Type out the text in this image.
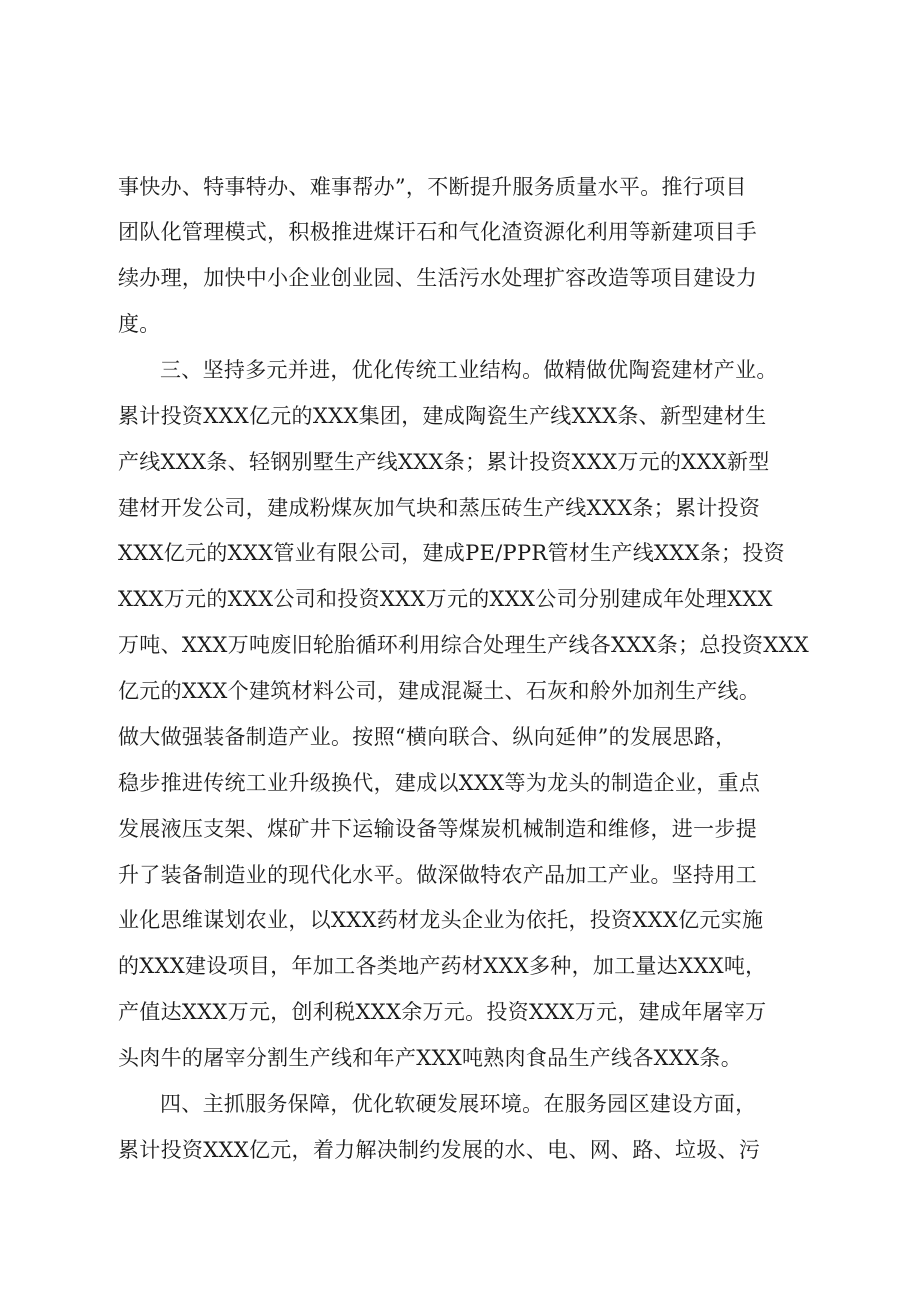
事快办、特事特办、难事帮办”，不断提升服务质量水平。推行项目
团队化管理模式，积极推进煤讦石和气化渣资源化利用等新建项目手
续办理，加快中小企业创业园、生活污水处理扩容改造等项目建设力
度。
三、坚持多元并进，优化传统工业结构。做精做优陶瓷建材产业。
累计投资XXX亿元的XXX集团，建成陶瓷生产线XXX条、新型建材生
产线XXX条、轻钢别墅生产线XXX条；累计投资XXX万元的XXX新型
建材开发公司，建成粉煤灰加气块和蒸压砖生产线XXX条；累计投资
XXX亿元的XXX管业有限公司，建成PE/PPR管材生产线XXX条；投资
XXX万元的XXX公司和投资XXX万元的XXX公司分别建成年处理XXX
万吨、XXX万吨废旧轮胎循环利用综合处理生产线各XXX条；总投资XXX
亿元的XXX个建筑材料公司，建成混凝土、石灰和舲外加剂生产线。
做大做强装备制造产业。按照“横向联合、纵向延伸”的发展思路，
稳步推进传统工业升级换代，建成以XXX等为龙头的制造企业，重点
发展液压支架、煤矿井下运输设备等煤炭机械制造和维修，进一步提
升了装备制造业的现代化水平。做深做特农产品加工产业。坚持用工
业化思维谋划农业，以XXX药材龙头企业为依托，投资XXX亿元实施
的XXX建设项目，年加工各类地产药材XXX多种，加工量达XXX吨，
产值达XXX万元，创利税XXX余万元。投资XXX万元，建成年屠宰万
头肉牛的屠宰分割生产线和年产XXX吨熟肉食品生产线各XXX条。
四、主抓服务保障，优化软硬发展环境。在服务园区建设方面，
累计投资XXX亿元，着力解决制约发展的水、电、网、路、垃圾、污
